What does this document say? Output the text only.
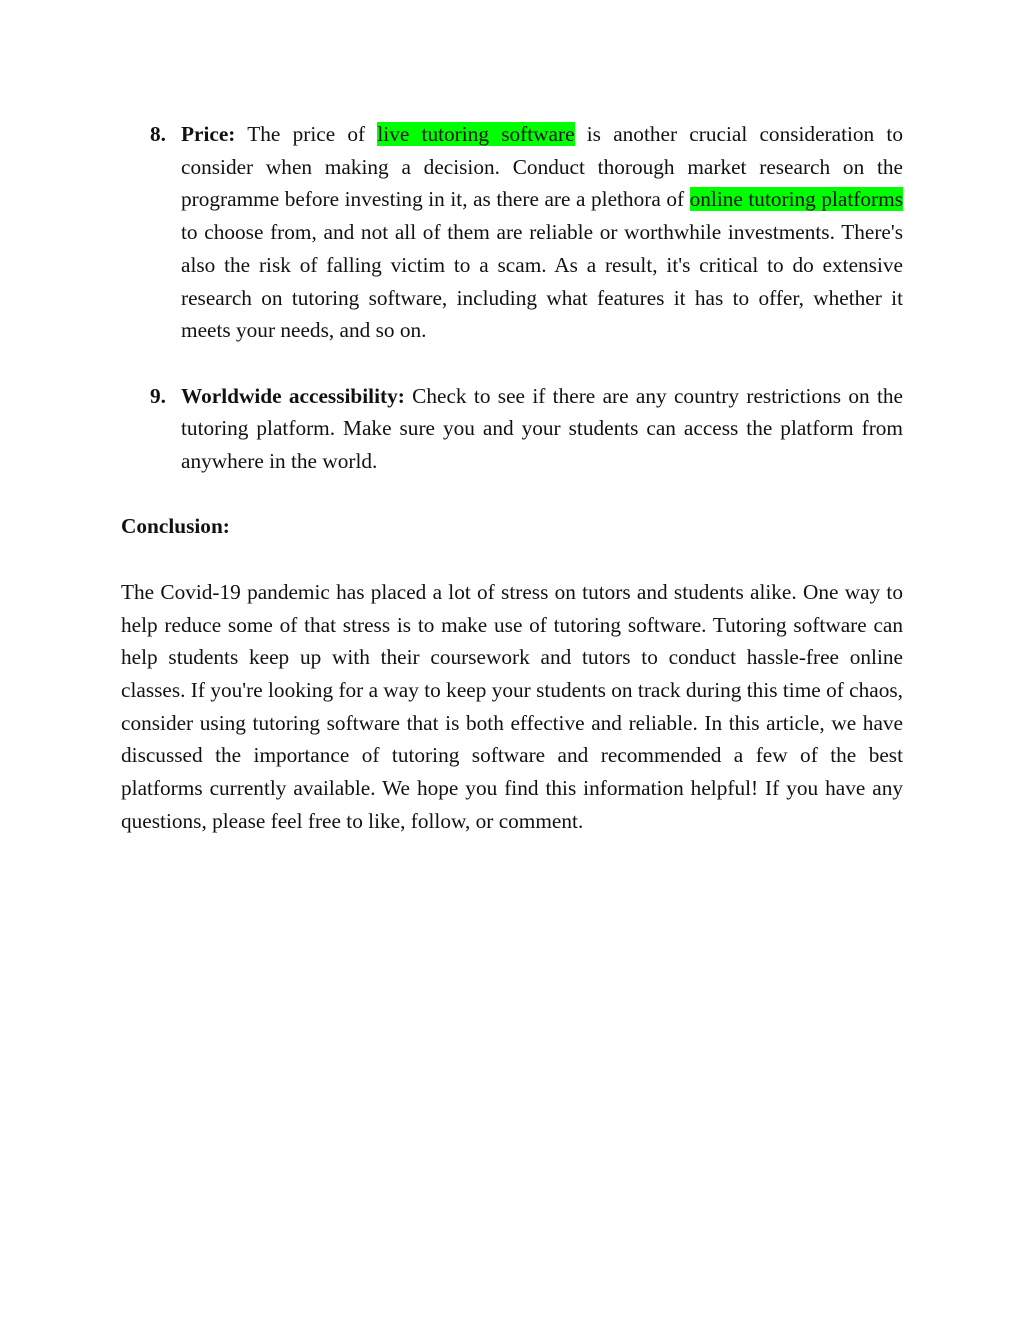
8. Price: The price of live tutoring software is another crucial consideration to consider when making a decision. Conduct thorough market research on the programme before investing in it, as there are a plethora of online tutoring platforms to choose from, and not all of them are reliable or worthwhile investments. There's also the risk of falling victim to a scam. As a result, it's critical to do extensive research on tutoring software, including what features it has to offer, whether it meets your needs, and so on.
9. Worldwide accessibility: Check to see if there are any country restrictions on the tutoring platform. Make sure you and your students can access the platform from anywhere in the world.
Conclusion:

The Covid-19 pandemic has placed a lot of stress on tutors and students alike. One way to help reduce some of that stress is to make use of tutoring software. Tutoring software can help students keep up with their coursework and tutors to conduct hassle-free online classes. If you're looking for a way to keep your students on track during this time of chaos, consider using tutoring software that is both effective and reliable. In this article, we have discussed the importance of tutoring software and recommended a few of the best platforms currently available. We hope you find this information helpful! If you have any questions, please feel free to like, follow, or comment.
